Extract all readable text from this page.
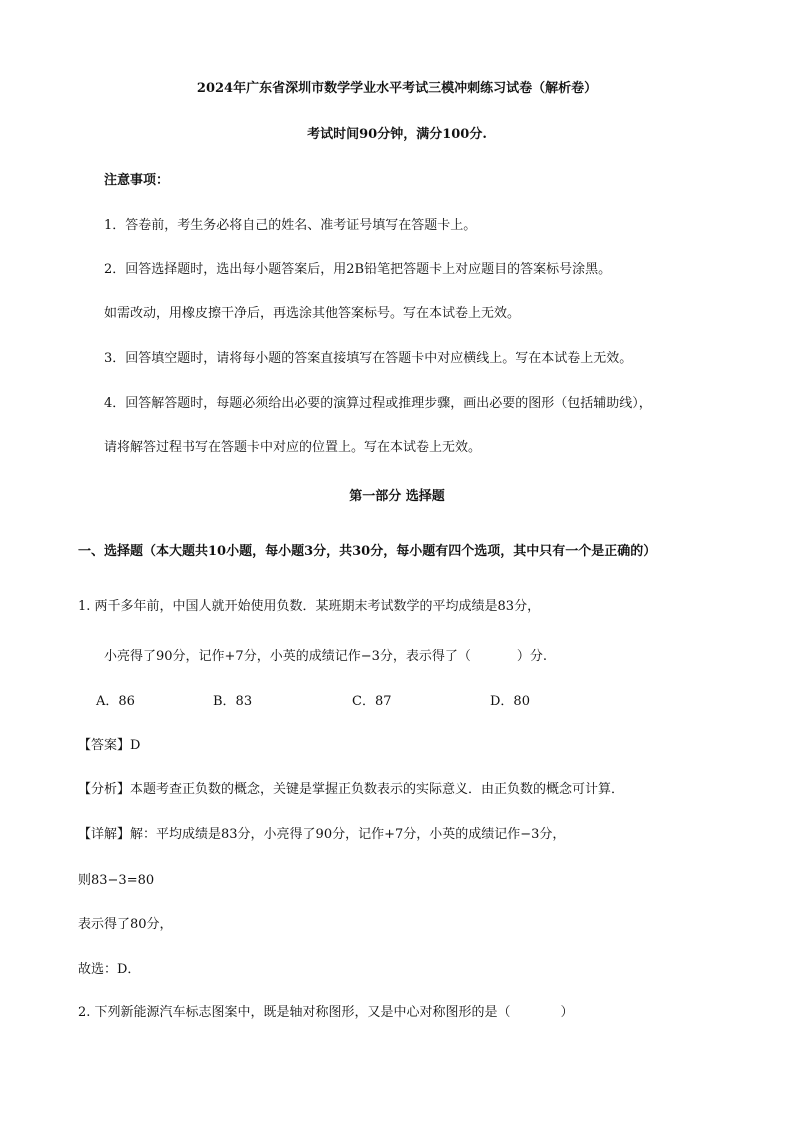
2024年广东省深圳市数学学业水平考试三模冲刺练习试卷（解析卷）
考试时间90分钟，满分100分.
注意事项：
1．答卷前，考生务必将自己的姓名、准考证号填写在答题卡上。
2．回答选择题时，选出每小题答案后，用2B铅笔把答题卡上对应题目的答案标号涂黑。
如需改动，用橡皮擦干净后，再选涂其他答案标号。写在本试卷上无效。
3．回答填空题时，请将每小题的答案直接填写在答题卡中对应横线上。写在本试卷上无效。
4．回答解答题时，每题必须给出必要的演算过程或推理步骤，画出必要的图形（包括辅助线），
请将解答过程书写在答题卡中对应的位置上。写在本试卷上无效。
第一部分 选择题
一、选择题（本大题共10小题，每小题3分，共30分，每小题有四个选项，其中只有一个是正确的）
1. 两千多年前，中国人就开始使用负数．某班期末考试数学的平均成绩是83分，
小亮得了90分，记作+7分，小英的成绩记作−3分，表示得了（	）分.
A．86	B．83	C．87	D．80
【答案】D
【分析】本题考查正负数的概念，关键是掌握正负数表示的实际意义．由正负数的概念可计算．
【详解】解：平均成绩是83分，小亮得了90分，记作+7分，小英的成绩记作−3分，
则83−3=80
表示得了80分，
故选：D．
2. 下列新能源汽车标志图案中，既是轴对称图形，又是中心对称图形的是（	）
